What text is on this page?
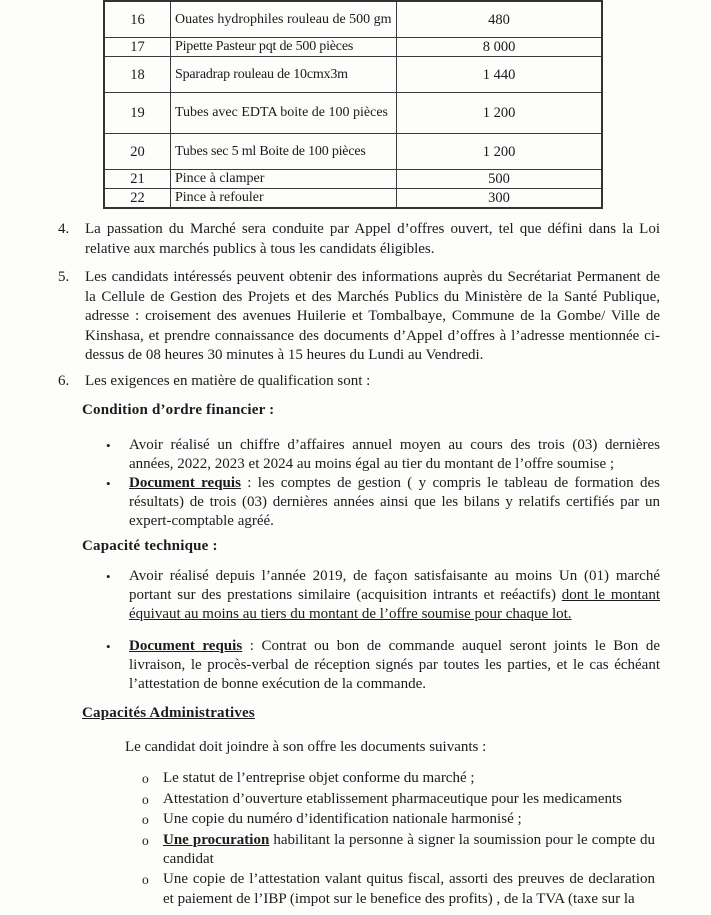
16	Ouates hydrophiles rouleau de 500 gm	480
17	Pipette Pasteur pqt de 500 pièces	8 000
18	Sparadrap rouleau de 10cmx3m	1 440
19	Tubes avec EDTA boite de 100 pièces	1 200
20	Tubes sec 5 ml Boite de 100 pièces	1 200
21	Pince à clamper	500
22	Pince à refouler	300
4.	La passation du Marché sera conduite par Appel d’offres ouvert, tel que défini dans la Loi relative aux marchés publics à tous les candidats éligibles.
5.	Les candidats intéressés peuvent obtenir des informations auprès du Secrétariat Permanent de la Cellule de Gestion des Projets et des Marchés Publics du Ministère de la Santé Publique, adresse : croisement des avenues Huilerie et Tombalbaye, Commune de la Gombe/ Ville de Kinshasa, et prendre connaissance des documents d’Appel d’offres à l’adresse mentionnée ci-dessus de 08 heures 30 minutes à 15 heures du Lundi au Vendredi.
6.	Les exigences en matière de qualification sont :
Condition d’ordre financier :
•	Avoir réalisé un chiffre d’affaires annuel moyen au cours des trois (03) dernières années, 2022, 2023 et 2024 au moins égal au tier du montant de l’offre soumise ;
•	Document requis : les comptes de gestion ( y compris le tableau de formation des résultats) de trois (03) dernières années ainsi que les bilans y relatifs certifiés par un expert-comptable agréé.
Capacité technique :
•	Avoir réalisé depuis l’année 2019, de façon satisfaisante au moins Un (01) marché portant sur des prestations similaire (acquisition intrants et reéactifs) dont le montant équivaut au moins au tiers du montant de l’offre soumise pour chaque lot.
•	Document requis : Contrat ou bon de commande auquel seront joints le Bon de livraison, le procès-verbal de réception signés par toutes les parties, et le cas échéant l’attestation de bonne exécution de la commande.
Capacités Administratives
Le candidat doit joindre à son offre les documents suivants :
o Le statut de l’entreprise objet conforme du marché ;
o Attestation d’ouverture etablissement pharmaceutique pour les medicaments
o Une copie du numéro d’identification nationale harmonisé ;
o Une procuration habilitant la personne à signer la soumission pour le compte du candidat
o Une copie de l’attestation valant quitus fiscal, assorti des preuves de declaration et paiement de l’IBP (impot sur le benefice des profits) , de la TVA (taxe sur la
